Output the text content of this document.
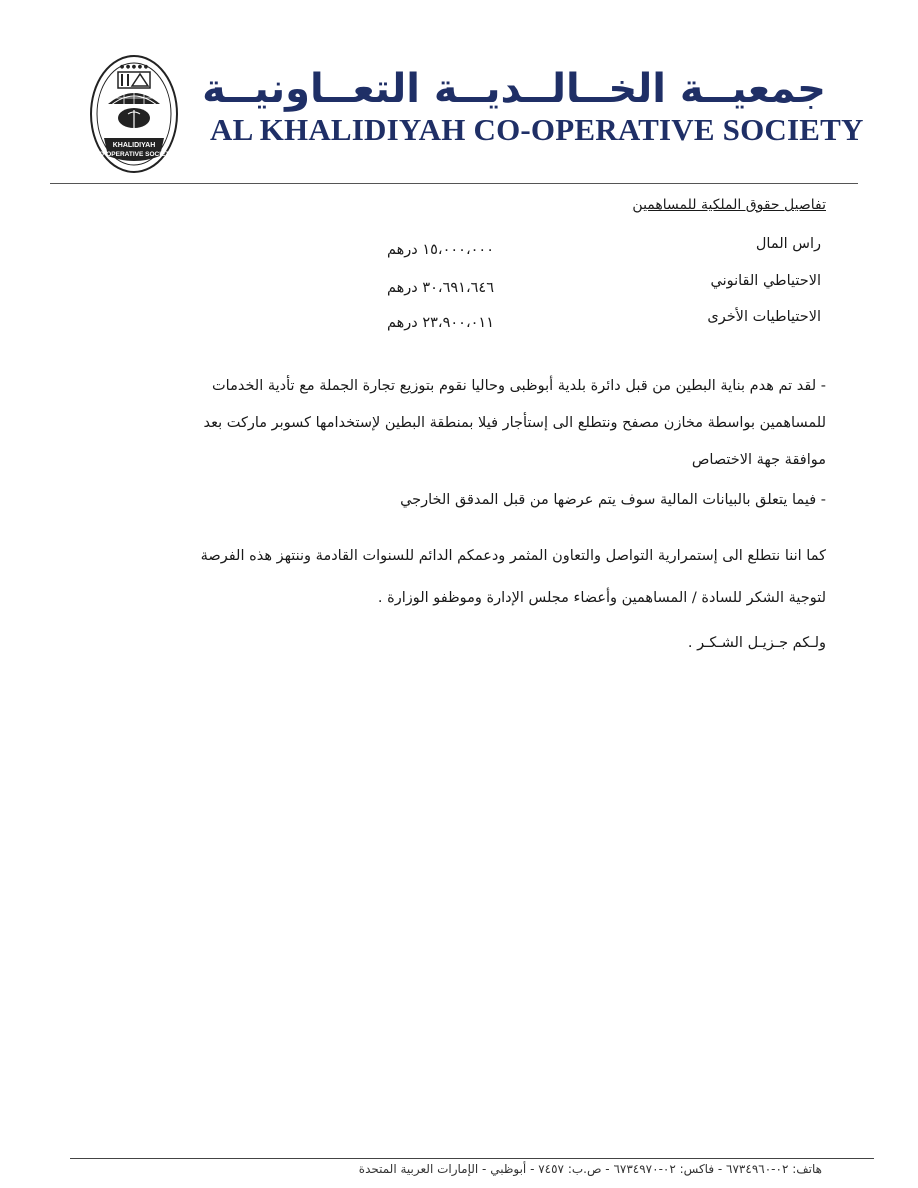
● ● ● ● ●
KHALIDIYAH
CO-OPERATIVE SOCIETY
جمعيــة الخــالــديــة التعــاونيــة
AL KHALIDIYAH CO-OPERATIVE SOCIETY
تفاصيل حقوق الملكية للمساهمين
راس المال
١٥،٠٠٠،٠٠٠ درهم
الاحتياطي القانوني
٣٠،٦٩١،٦٤٦ درهم
الاحتياطيات الأخرى
٢٣،٩٠٠،٠١١ درهم
- لقد تم هدم بناية البطين من قبل دائرة بلدية أبوظبى وحاليا نقوم بتوزيع تجارة الجملة مع تأدية الخدمات
للمساهمين بواسطة مخازن مصفح ونتطلع الى إستأجار فيلا بمنطقة البطين لإستخدامها كسوبر ماركت بعد
موافقة جهة الاختصاص
- فيما يتعلق بالبيانات المالية سوف يتم عرضها من قبل المدقق الخارجي
كما اننا نتطلع الى إستمرارية التواصل والتعاون المثمر ودعمكم الدائم للسنوات القادمة وننتهز هذه الفرصة
لتوجية الشكر للسادة / المساهمين وأعضاء مجلس الإدارة وموظفو الوزارة .
ولـكم جـزيـل الشـكـر .
هاتف: ٠٢-٦٧٣٤٩٦٠ - فاكس: ٠٢-٦٧٣٤٩٧٠ - ص.ب: ٧٤٥٧ - أبوظبي - الإمارات العربية المتحدة
